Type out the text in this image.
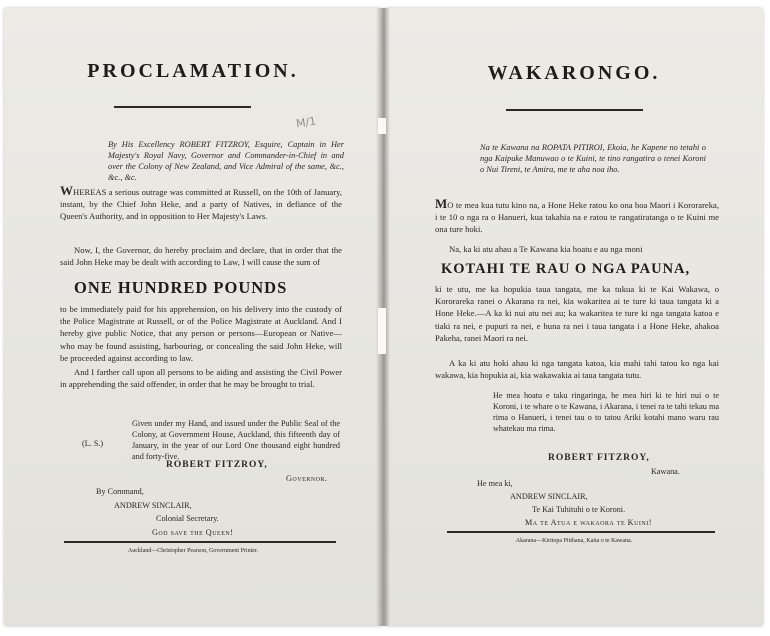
PROCLAMATION.
M/1
By His Excellency ROBERT FITZROY, Esquire, Captain in Her Majesty's Royal Navy, Governor and Commander-in-Chief in and over the Colony of New Zealand, and Vice Admiral of the same, &c., &c., &c.
WHEREAS a serious outrage was committed at Russell, on the 10th of January, instant, by the Chief John Heke, and a party of Natives, in defiance of the Queen's Authority, and in opposition to Her Majesty's Laws.
Now, I, the Governor, do hereby proclaim and declare, that in order that the said John Heke may be dealt with according to Law, I will cause the sum of
ONE HUNDRED POUNDS
to be immediately paid for his apprehension, on his delivery into the custody of the Police Magistrate at Russell, or of the Police Magistrate at Auckland. And I hereby give public Notice, that any person or persons—European or Native—who may be found assisting, harbouring, or concealing the said John Heke, will be proceeded against according to law.
And I farther call upon all persons to be aiding and assisting the Civil Power in apprehending the said offender, in order that he may be brought to trial.
(L. S.)
Given under my Hand, and issued under the Public Seal of the Colony, at Government House, Auckland, this fifteenth day of January, in the year of our Lord One thousand eight hundred and forty-five.
ROBERT FITZROY,
Governor.
By Command,
ANDREW SINCLAIR,
Colonial Secretary.
God save the Queen!
Auckland—Christopher Pearson, Government Printer.
WAKARONGO.
Na te Kawana na ROPATA PITIROI, Ekoia, he Kapene no tetahi o nga Kaipuke Manuwao o te Kuini, te tino rangatira o tenei Koroni o Nui Tireni, te Amira, me te aha noa iho.
MO te mea kua tutu kino na, a Hone Heke ratou ko ona hoa Maori i Kororareka, i te 10 o nga ra o Hanueri, kua takahia na e ratou te rangatiratanga o te Kuini me ona ture hoki.
Na, ka ki atu ahau a Te Kawana kia hoatu e au nga moni
KOTAHI TE RAU O NGA PAUNA,
ki te utu, me ka hopukia taua tangata, me ka tukua ki te Kai Wakawa, o Kororareka ranei o Akarana ra nei, kia wakaritea ai te ture ki taua tangata ki a Hone Heke.—A ka ki nui atu nei au; ka wakaritea te ture ki nga tangata katoa e tiaki ra nei, e pupuri ra nei, e huna ra nei i taua tangata i a Hone Heke, ahakoa Pakeha, ranei Maori ra nei.
A ka ki atu hoki ahau ki nga tangata katoa, kia mahi tahi tatou ko nga kai wakawa, kia hopukia ai, kia wakawakia ai taua tangata tutu.
He mea hoatu e taku ringaringa, he mea hiri ki te hiri nui o te Koroni, i te whare o te Kawana, i Akarana, i tenei ra te tahi tekau ma rima o Hanueri, i tenei tau o to tatou Ariki kotahi mano waru rau whatekau ma rima.
ROBERT FITZROY,
Kawana.
He mea ki,
ANDREW SINCLAIR,
Te Kai Tuhituhi o te Koroni.
Ma te Atua e wakaora te Kuini!
Akarana—Kiritopa Pitihana, Kaita o te Kawana.
